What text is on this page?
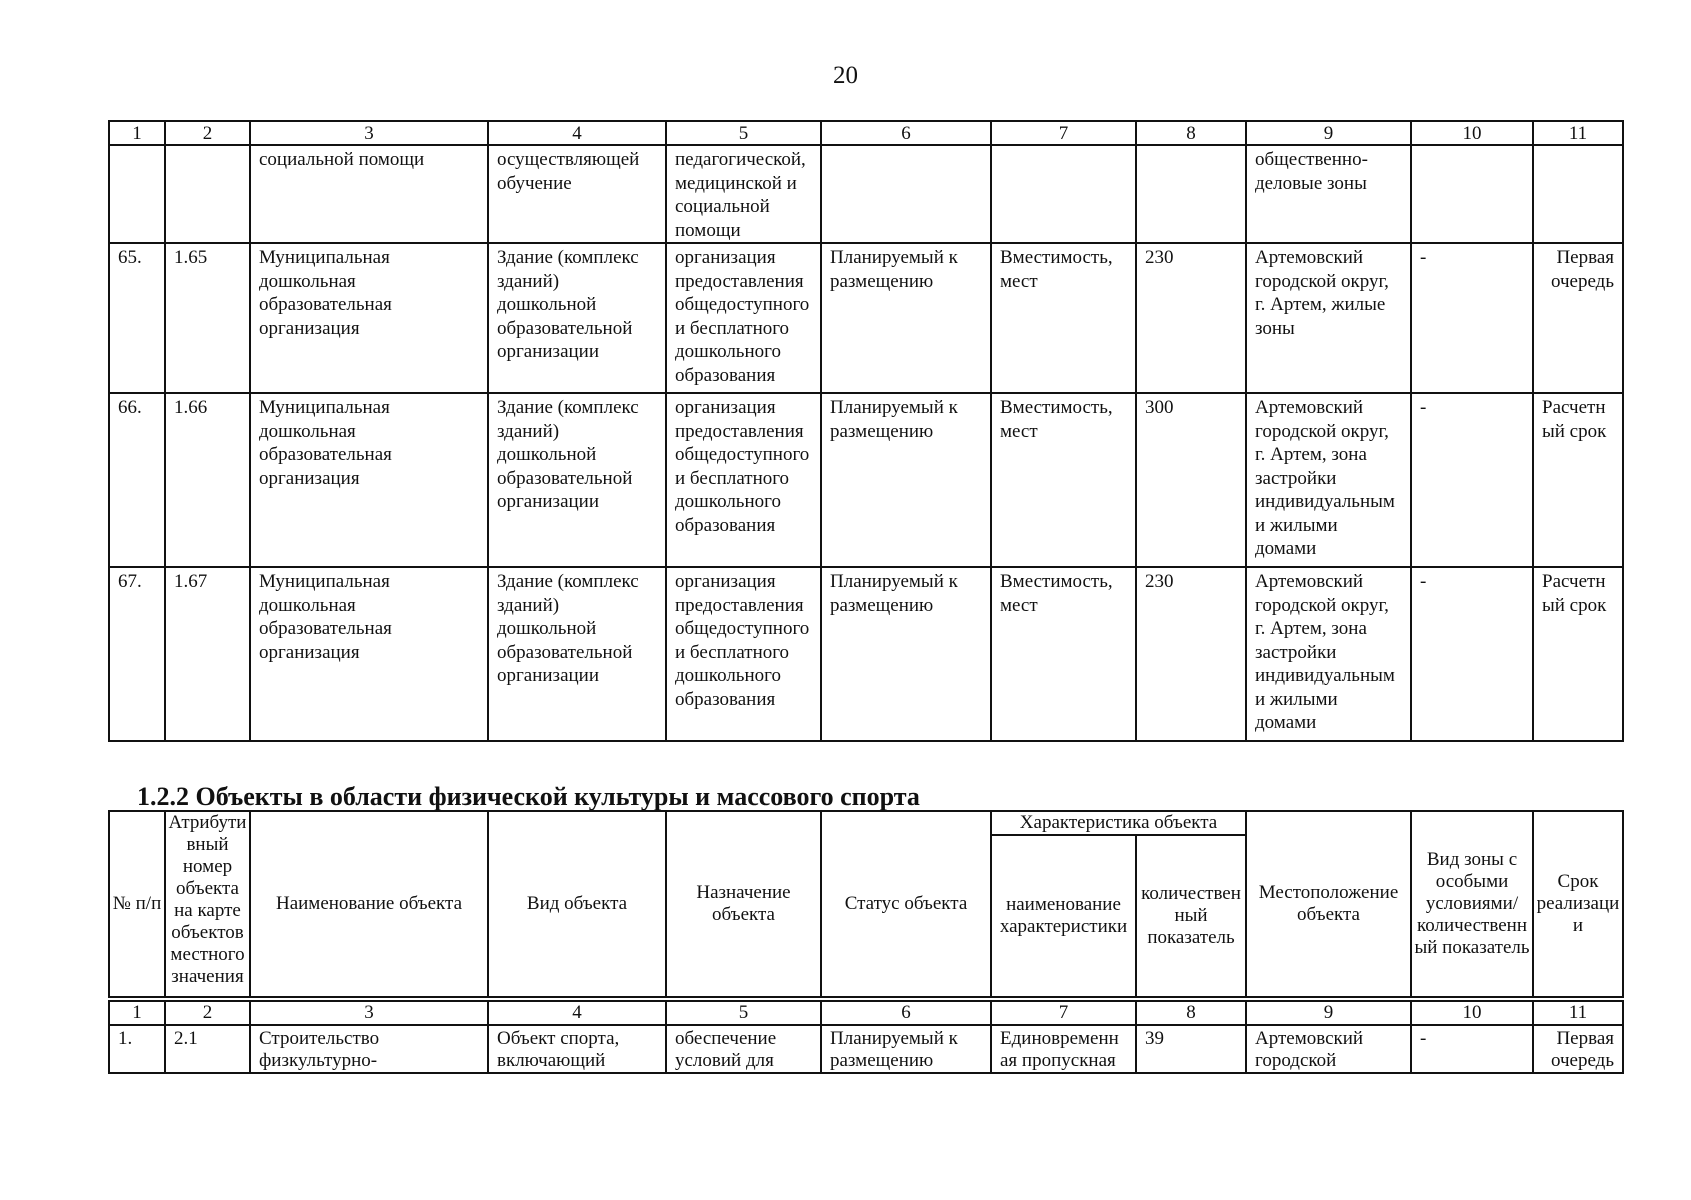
20
1	2	3	4	5	6	7	8	9	10	11
		социальной помощи	осуществляющей обучение	педагогической, медицинской и социальной помощи				общественно-деловые зоны		
65.	1.65	Муниципальная дошкольная образовательная организация	Здание (комплекс зданий) дошкольной образовательной организации	организация предоставления общедоступного и бесплатного дошкольного образования	Планируемый к размещению	Вместимость, мест	230	Артемовский городской округ, г. Артем, жилые зоны	-	Первая очередь
66.	1.66	Муниципальная дошкольная образовательная организация	Здание (комплекс зданий) дошкольной образовательной организации	организация предоставления общедоступного и бесплатного дошкольного образования	Планируемый к размещению	Вместимость, мест	300	Артемовский городской округ, г. Артем, зона застройки индивидуальными жилыми домами	-	Расчетный срок
67.	1.67	Муниципальная дошкольная образовательная организация	Здание (комплекс зданий) дошкольной образовательной организации	организация предоставления общедоступного и бесплатного дошкольного образования	Планируемый к размещению	Вместимость, мест	230	Артемовский городской округ, г. Артем, зона застройки индивидуальными жилыми домами	-	Расчетный срок
1.2.2 Объекты в области физической культуры и массового спорта
№ п/п	Атрибутивный номер объекта на карте объектов местного значения	Наименование объекта	Вид объекта	Назначение объекта	Статус объекта	Характеристика объекта		Местоположение объекта	Вид зоны с особыми условиями/ количественный показатель	Срок реализации
						наименование характеристики	количественный показатель			
1	2	3	4	5	6	7	8	9	10	11
1.	2.1	Строительство физкультурно-	Объект спорта, включающий	обеспечение условий для	Планируемый к размещению	Единовременная пропускная	39	Артемовский городской	-	Первая очередь
